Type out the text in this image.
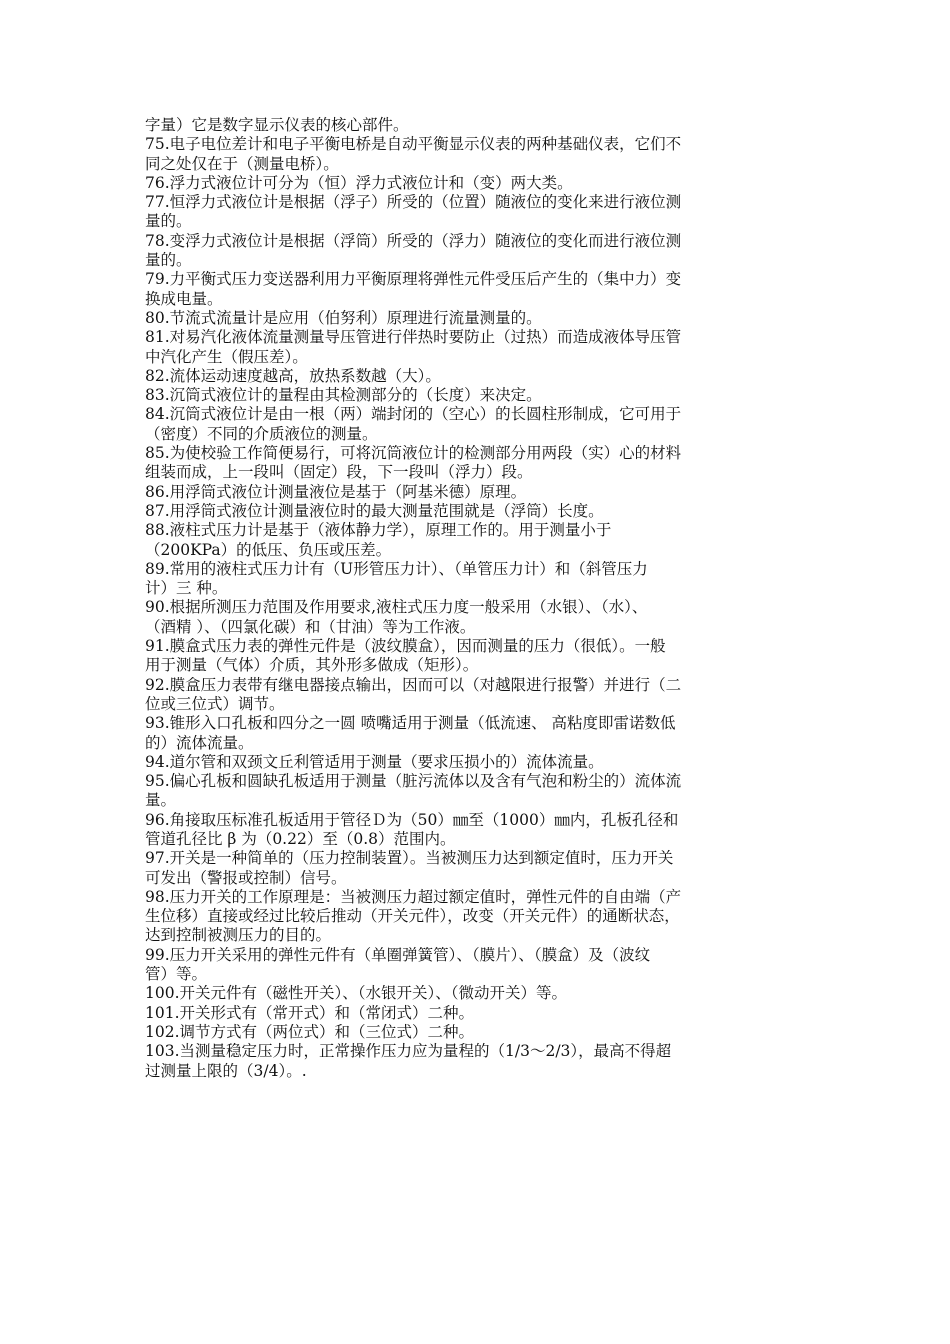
字量）它是数字显示仪表的核心部件。
75.电子电位差计和电子平衡电桥是自动平衡显示仪表的两种基础仪表，它们不
同之处仅在于（测量电桥）。
76.浮力式液位计可分为（恒）浮力式液位计和（变）两大类。
77.恒浮力式液位计是根据（浮子）所受的（位置）随液位的变化来进行液位测
量的。
78.变浮力式液位计是根据（浮筒）所受的（浮力）随液位的变化而进行液位测
量的。
79.力平衡式压力变送器利用力平衡原理将弹性元件受压后产生的（集中力）变
换成电量。
80.节流式流量计是应用（伯努利）原理进行流量测量的。
81.对易汽化液体流量测量导压管进行伴热时要防止（过热）而造成液体导压管
中汽化产生（假压差）。
82.流体运动速度越高，放热系数越（大）。
83.沉筒式液位计的量程由其检测部分的（长度）来决定。
84.沉筒式液位计是由一根（两）端封闭的（空心）的长圆柱形制成，它可用于
（密度）不同的介质液位的测量。
85.为使校验工作简便易行，可将沉筒液位计的检测部分用两段（实）心的材料
组装而成，上一段叫（固定）段，下一段叫（浮力）段。
86.用浮筒式液位计测量液位是基于（阿基米德）原理。
87.用浮筒式液位计测量液位时的最大测量范围就是（浮筒）长度。
88.液柱式压力计是基于（液体静力学），原理工作的。用于测量小于
（200KPa）的低压、负压或压差。
89.常用的液柱式压力计有（U形管压力计）、（单管压力计）和（斜管压力
计）三 种。
90.根据所测压力范围及作用要求,液柱式压力度一般采用（水银）、（水）、
（酒精 ）、（四氯化碳）和（甘油）等为工作液。
91.膜盒式压力表的弹性元件是（波纹膜盒），因而测量的压力（很低）。一般
用于测量（气体）介质，其外形多做成（矩形）。
92.膜盒压力表带有继电器接点输出，因而可以（对越限进行报警）并进行（二
位或三位式）调节。
93.锥形入口孔板和四分之一圆 喷嘴适用于测量（低流速、 高粘度即雷诺数低
的）流体流量。
94.道尔管和双颈文丘利管适用于测量（要求压损小的）流体流量。
95.偏心孔板和圆缺孔板适用于测量（脏污流体以及含有气泡和粉尘的）流体流
量。
96.角接取压标准孔板适用于管径Ｄ为（50）㎜至（1000）㎜内，孔板孔径和
管道孔径比 β 为（0.22）至（0.8）范围内。
97.开关是一种简单的（压力控制装置）。当被测压力达到额定值时，压力开关
可发出（警报或控制）信号。
98.压力开关的工作原理是：当被测压力超过额定值时，弹性元件的自由端（产
生位移）直接或经过比较后推动（开关元件），改变（开关元件）的通断状态，
达到控制被测压力的目的。
99.压力开关采用的弹性元件有（单圈弹簧管）、（膜片）、（膜盒）及（波纹
管）等。
100.开关元件有（磁性开关）、（水银开关）、（微动开关）等。
101.开关形式有（常开式）和（常闭式）二种。
102.调节方式有（两位式）和（三位式）二种。
103.当测量稳定压力时，正常操作压力应为量程的（1/3～2/3），最高不得超
过测量上限的（3/4）。.
